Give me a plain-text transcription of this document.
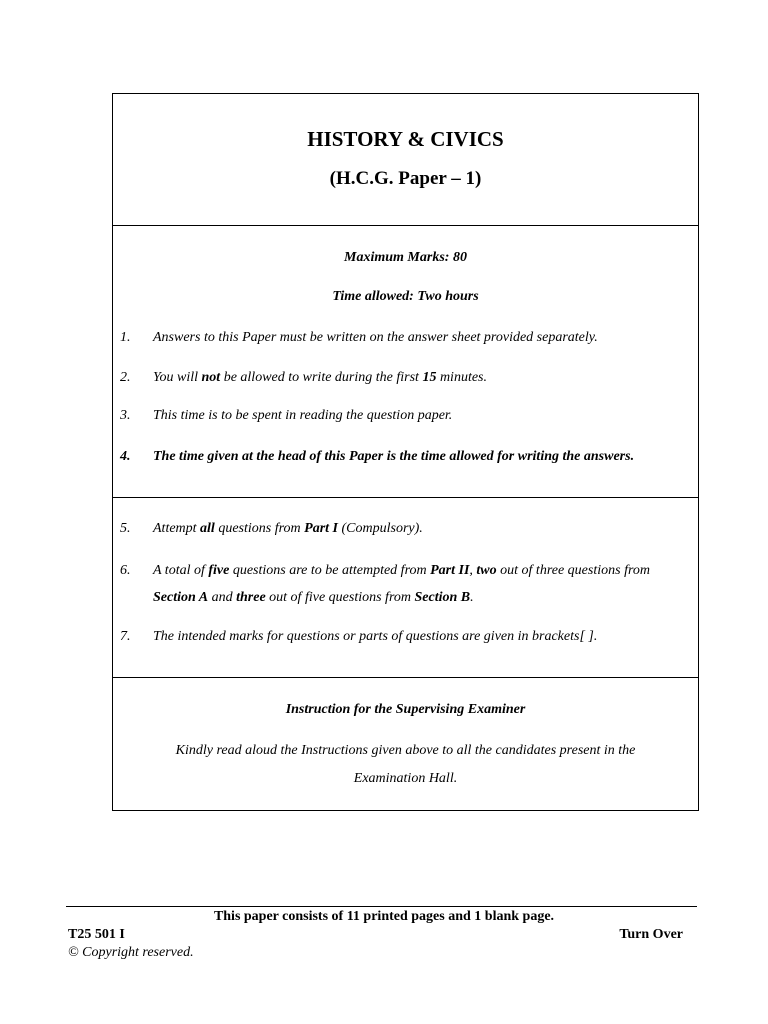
HISTORY & CIVICS
(H.C.G. Paper – 1)
Maximum Marks: 80
Time allowed: Two hours
1.	Answers to this Paper must be written on the answer sheet provided separately.
2.	You will not be allowed to write during the first 15 minutes.
3.	This time is to be spent in reading the question paper.
4.	The time given at the head of this Paper is the time allowed for writing the answers.
5.	Attempt all questions from Part I (Compulsory).
6.	A total of five questions are to be attempted from Part II, two out of three questions from Section A and three out of five questions from Section B.
7.	The intended marks for questions or parts of questions are given in brackets[ ].
Instruction for the Supervising Examiner
Kindly read aloud the Instructions given above to all the candidates present in the Examination Hall.
This paper consists of 11 printed pages and 1 blank page.
T25 501 I	Turn Over
© Copyright reserved.
